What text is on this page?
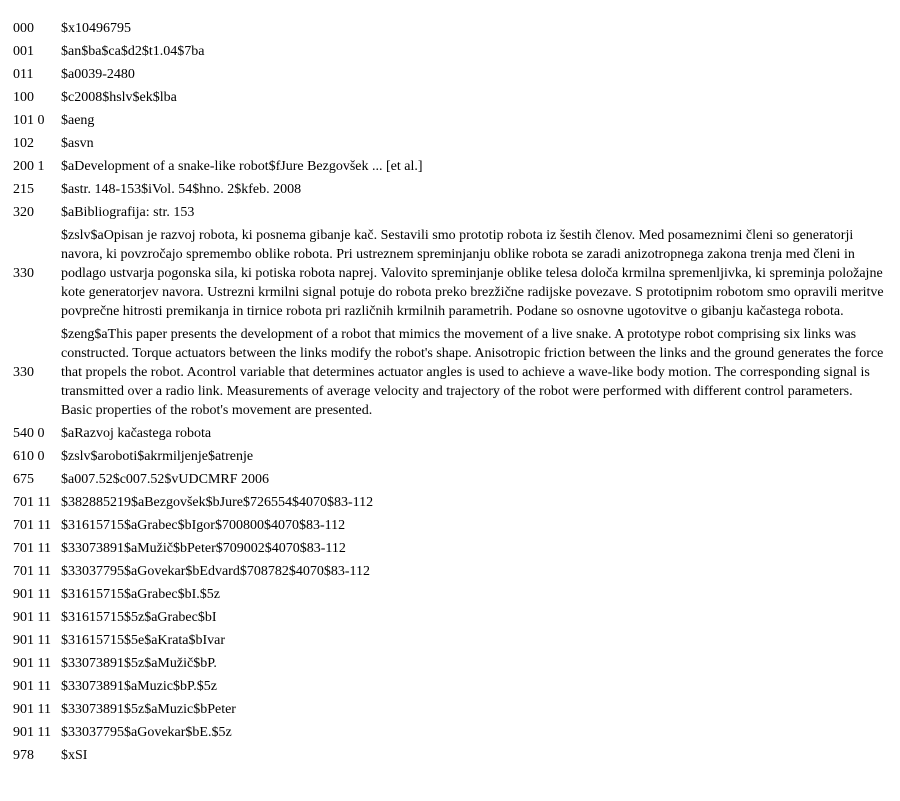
000	$x10496795
001	$an$ba$ca$d2$t1.04$7ba
011	$a0039-2480
100	$c2008$hslv$ek$lba
101 0	$aeng
102	$asvn
200 1	$aDevelopment of a snake-like robot$fJure Bezgovšek ... [et al.]
215	$astr. 148-153$iVol. 54$hno. 2$kfeb. 2008
320	$aBibliografija: str. 153
330	$zslv$aOpisan je razvoj robota, ki posnema gibanje kač. Sestavili smo prototip robota iz šestih členov. Med posameznimi členi so generatorji navora, ki povzročajo spremembo oblike robota. Pri ustreznem spreminjanju oblike robota se zaradi anizotropnega zakona trenja med členi in podlago ustvarja pogonska sila, ki potiska robota naprej. Valovito spreminjanje oblike telesa določa krmilna spremenljivka, ki spreminja položajne kote generatorjev navora. Ustrezni krmilni signal potuje do robota preko brezžične radijske povezave. S prototipnim robotom smo opravili meritve povprečne hitrosti premikanja in tirnice robota pri različnih krmilnih parametrih. Podane so osnovne ugotovitve o gibanju kačastega robota.
330	$zeng$aThis paper presents the development of a robot that mimics the movement of a live snake. A prototype robot comprising six links was constructed. Torque actuators between the links modify the robot's shape. Anisotropic friction between the links and the ground generates the force that propels the robot. Acontrol variable that determines actuator angles is used to achieve a wave-like body motion. The corresponding signal is transmitted over a radio link. Measurements of average velocity and trajectory of the robot were performed with different control parameters. Basic properties of the robot's movement are presented.
540 0	$aRazvoj kačastega robota
610 0	$zslv$aroboti$akrmiljenje$atrenje
675	$a007.52$c007.52$vUDCMRF 2006
701 11	$382885219$aBezgovšek$bJure$726554$4070$83-112
701 11	$31615715$aGrabec$bIgor$700800$4070$83-112
701 11	$33073891$aMužič$bPeter$709002$4070$83-112
701 11	$33037795$aGovekar$bEdvard$708782$4070$83-112
901 11	$31615715$aGrabec$bI.$5z
901 11	$31615715$5z$aGrabec$bI
901 11	$31615715$5e$aKrata$bIvar
901 11	$33073891$5z$aMužič$bP.
901 11	$33073891$aMuzic$bP.$5z
901 11	$33073891$5z$aMuzic$bPeter
901 11	$33037795$aGovekar$bE.$5z
978	$xSI
